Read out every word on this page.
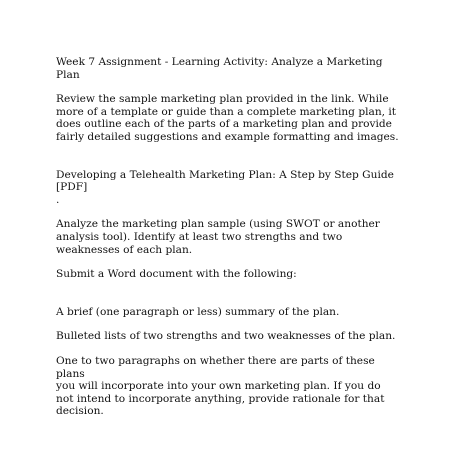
Week 7 Assignment - Learning Activity: Analyze a Marketing
Plan

Review the sample marketing plan provided in the link. While
more of a template or guide than a complete marketing plan, it
does outline each of the parts of a marketing plan and provide
fairly detailed suggestions and example formatting and images.

Developing a Telehealth Marketing Plan: A Step by Step Guide
[PDF]
.

Analyze the marketing plan sample (using SWOT or another
analysis tool). Identify at least two strengths and two
weaknesses of each plan.

Submit a Word document with the following:

A brief (one paragraph or less) summary of the plan.

Bulleted lists of two strengths and two weaknesses of the plan.

One to two paragraphs on whether there are parts of these plans
you will incorporate into your own marketing plan. If you do
not intend to incorporate anything, provide rationale for that
decision.
